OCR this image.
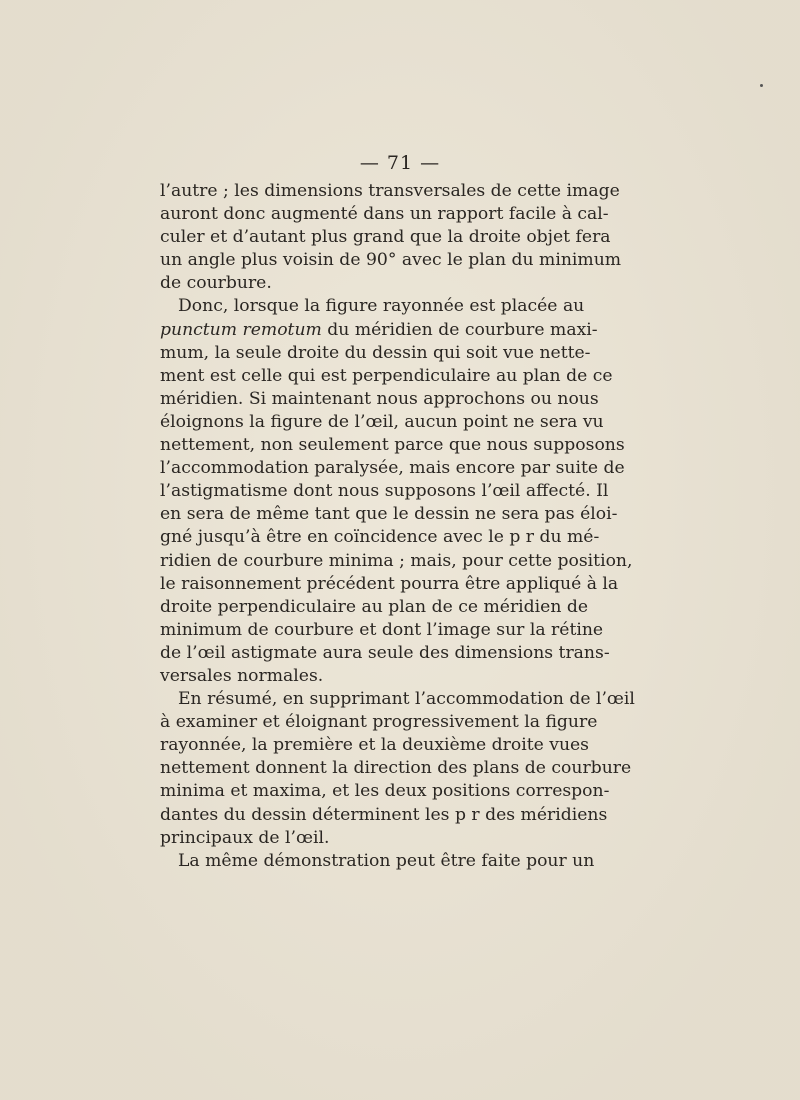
— 71 —
l’autre ; les dimensions transversales de cette image
auront donc augmenté dans un rapport facile à cal-
culer et d’autant plus grand que la droite objet fera
un angle plus voisin de 90° avec le plan du minimum
de courbure.
Donc, lorsque la figure rayonnée est placée au
punctum remotum du méridien de courbure maxi-
mum, la seule droite du dessin qui soit vue nette-
ment est celle qui est perpendiculaire au plan de ce
méridien. Si maintenant nous approchons ou nous
éloignons la figure de l’œil, aucun point ne sera vu
nettement, non seulement parce que nous supposons
l’accommodation paralysée, mais encore par suite de
l’astigmatisme dont nous supposons l’œil affecté. Il
en sera de même tant que le dessin ne sera pas éloi-
gné jusqu’à être en coïncidence avec le p r du mé-
ridien de courbure minima ; mais, pour cette position,
le raisonnement précédent pourra être appliqué à la
droite perpendiculaire au plan de ce méridien de
minimum de courbure et dont l’image sur la rétine
de l’œil astigmate aura seule des dimensions trans-
versales normales.
En résumé, en supprimant l’accommodation de l’œil
à examiner et éloignant progressivement la figure
rayonnée, la première et la deuxième droite vues
nettement donnent la direction des plans de courbure
minima et maxima, et les deux positions correspon-
dantes du dessin déterminent les p r des méridiens
principaux de l’œil.
La même démonstration peut être faite pour un
